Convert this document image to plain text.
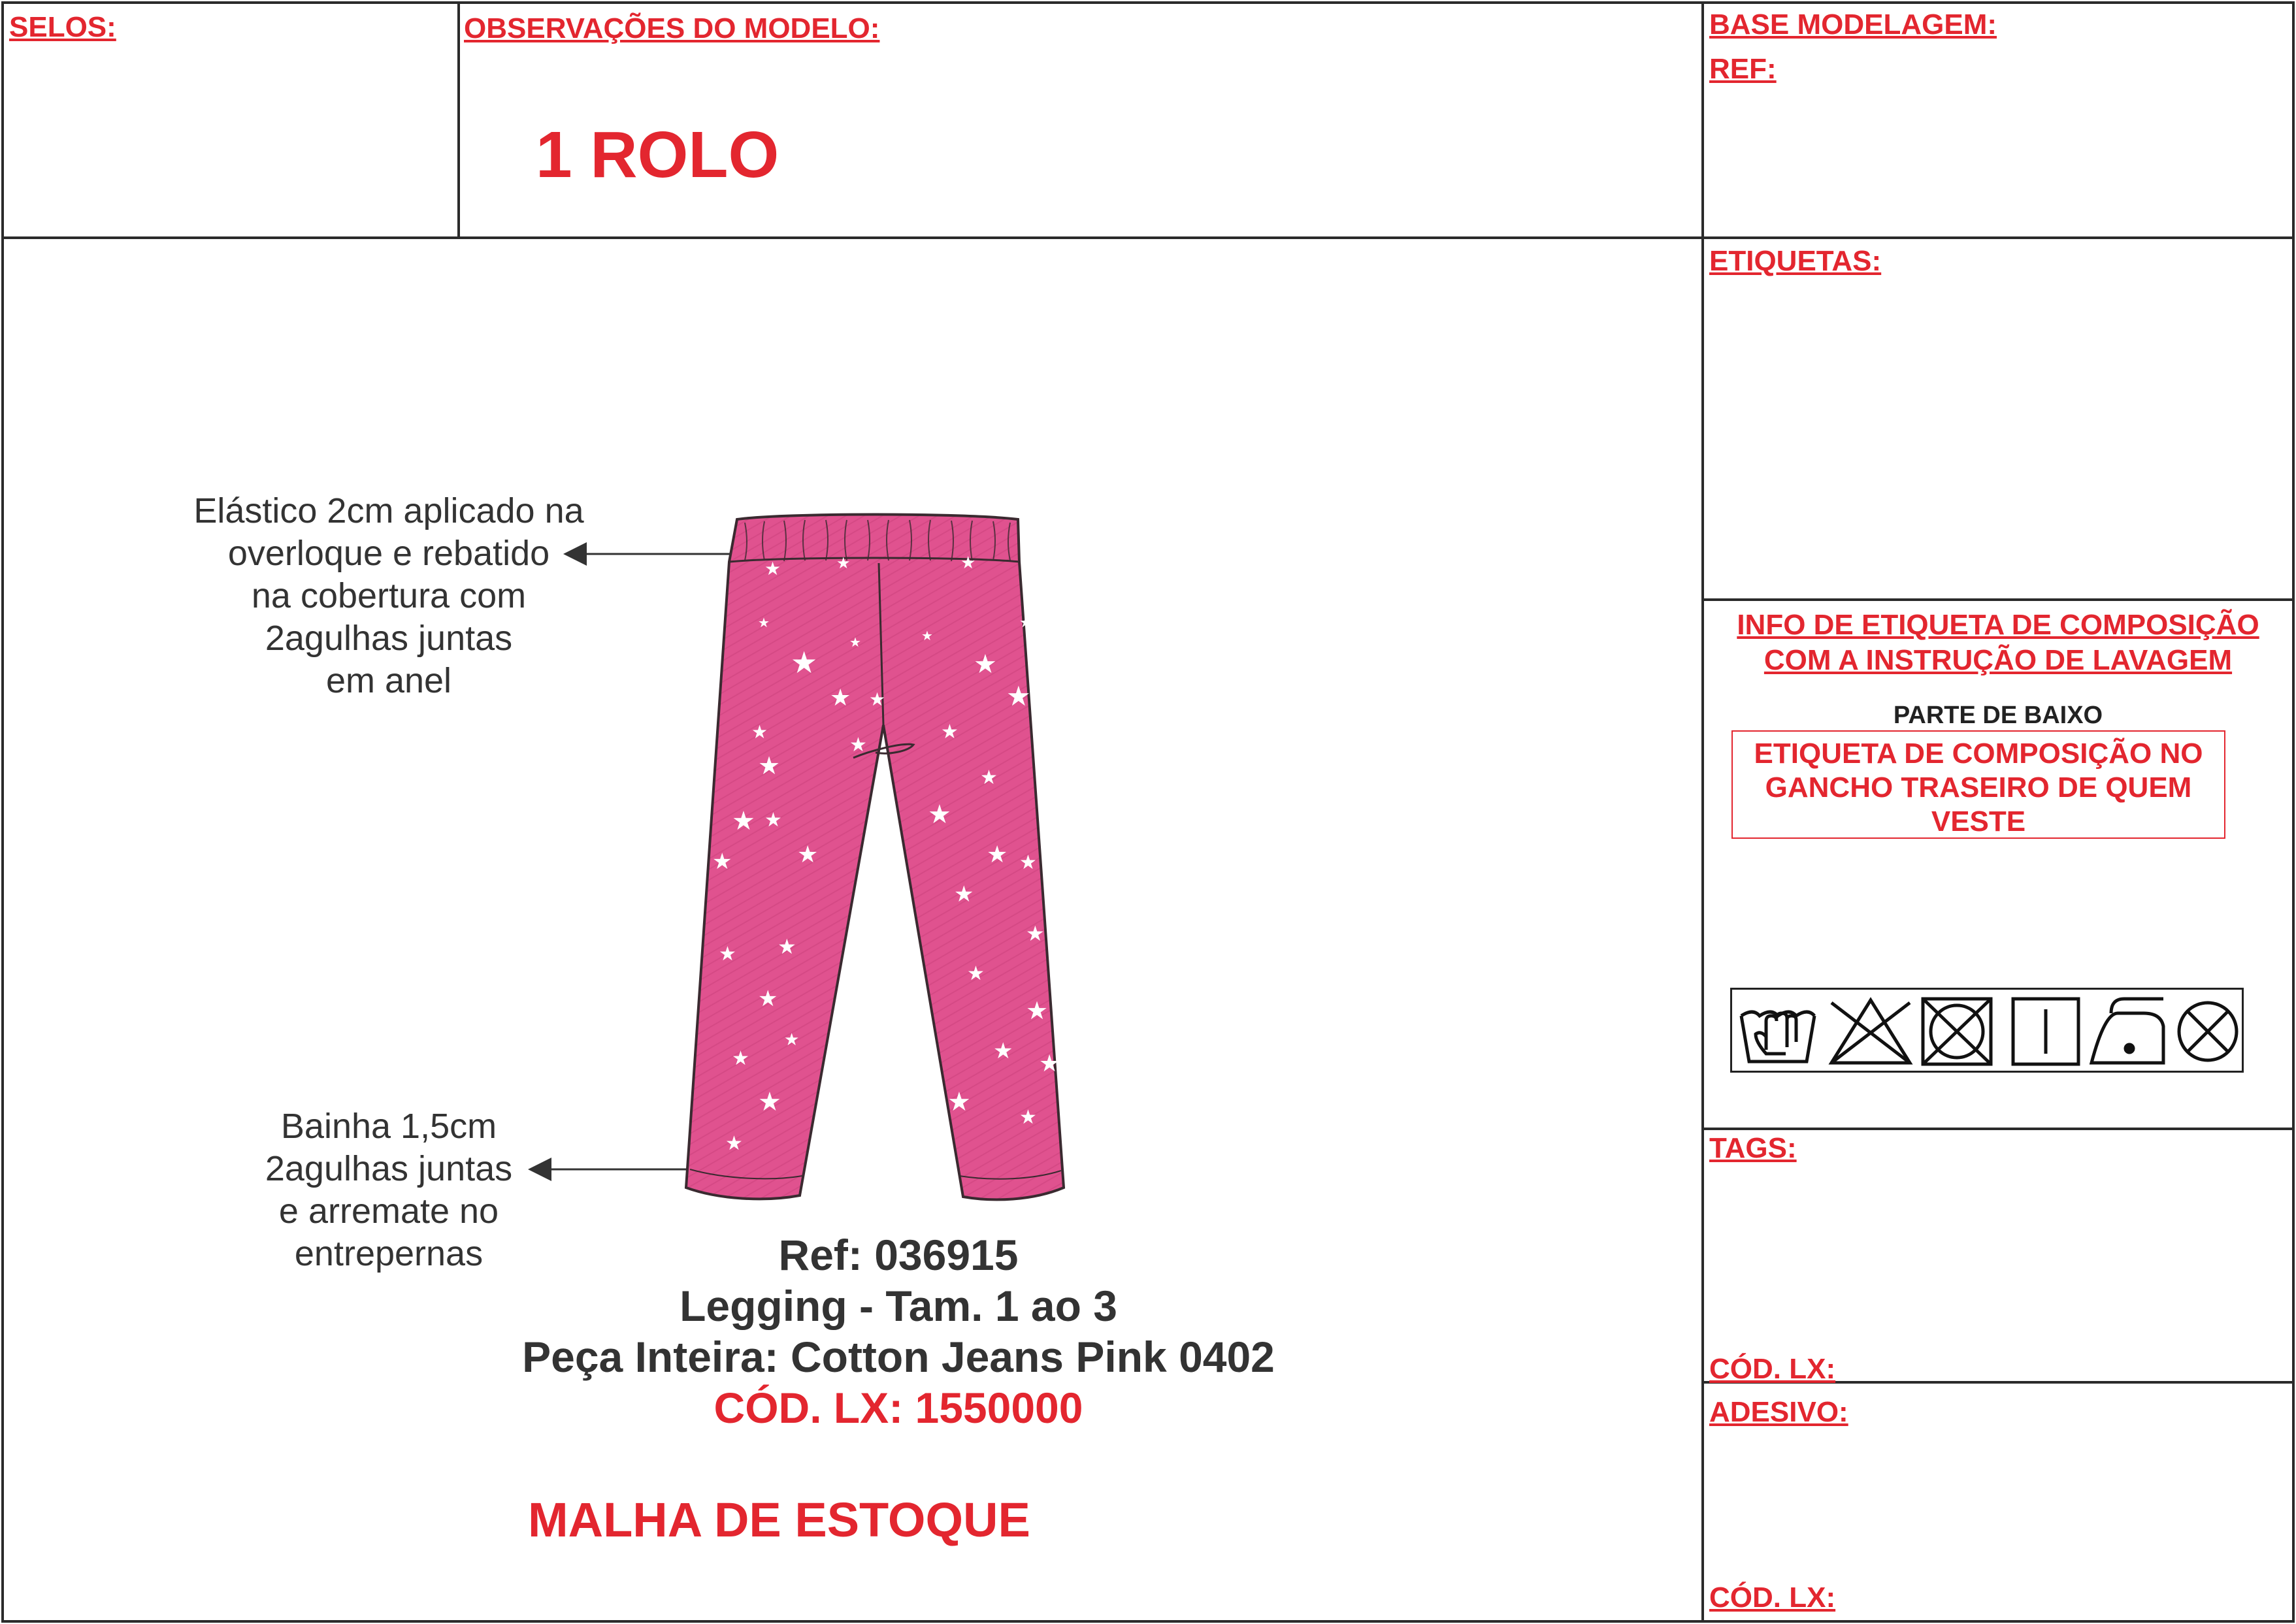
SELOS:	OBSERVAÇÕES DO MODELO:	BASE MODELAGEM:
REF:
ETIQUETAS:
TAGS:
CÓD. LX:
ADESIVO:
CÓD. LX:
1 ROLO
Elástico 2cm aplicado na
overloque e rebatido
na cobertura com
2agulhas juntas
em anel
Bainha 1,5cm
2agulhas juntas
e arremate no
entrepernas
★
★
★
★
★
★
★
★
★
★
★
★
★
★
★
★
★
★
★
★
★
★
★
★ ★
★
★
★
★
★ ★
★
★
★	★	★
★	★
★	★
Ref: 036915
Legging - Tam. 1 ao 3
Peça Inteira: Cotton Jeans Pink 0402
CÓD. LX: 1550000
MALHA DE ESTOQUE
INFO DE ETIQUETA DE COMPOSIÇÃO
COM A INSTRUÇÃO DE LAVAGEM
PARTE DE BAIXO
ETIQUETA DE COMPOSIÇÃO NO
GANCHO TRASEIRO DE QUEM
VESTE
